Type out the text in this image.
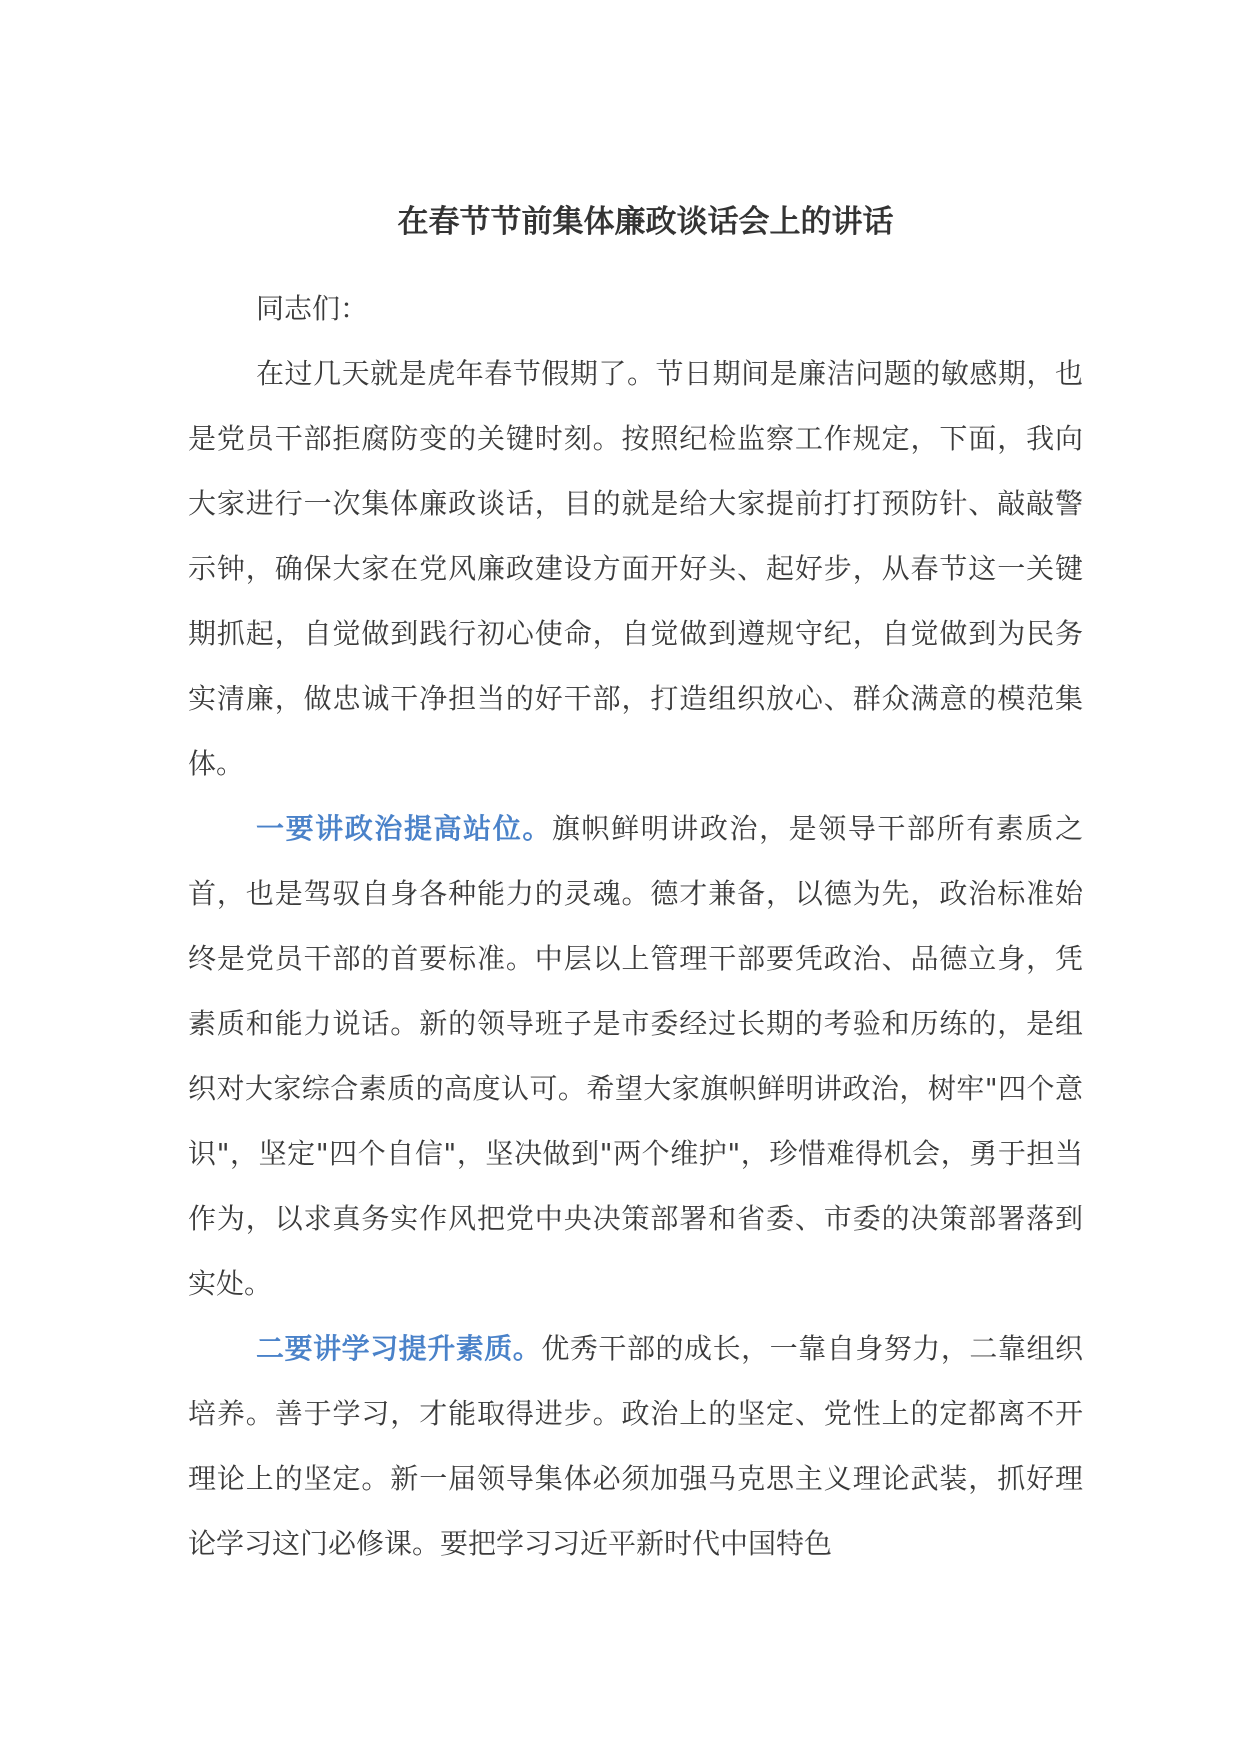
在春节节前集体廉政谈话会上的讲话

同志们：

在过几天就是虎年春节假期了。节日期间是廉洁问题的敏感期，也是党员干部拒腐防变的关键时刻。按照纪检监察工作规定，下面，我向大家进行一次集体廉政谈话，目的就是给大家提前打打预防针、敲敲警示钟，确保大家在党风廉政建设方面开好头、起好步，从春节这一关键期抓起，自觉做到践行初心使命，自觉做到遵规守纪，自觉做到为民务实清廉，做忠诚干净担当的好干部，打造组织放心、群众满意的模范集体。

一要讲政治提高站位。旗帜鲜明讲政治，是领导干部所有素质之首，也是驾驭自身各种能力的灵魂。德才兼备，以德为先，政治标准始终是党员干部的首要标准。中层以上管理干部要凭政治、品德立身，凭素质和能力说话。新的领导班子是市委经过长期的考验和历练的，是组织对大家综合素质的高度认可。希望大家旗帜鲜明讲政治，树牢"四个意识"，坚定"四个自信"，坚决做到"两个维护"，珍惜难得机会，勇于担当作为，以求真务实作风把党中央决策部署和省委、市委的决策部署落到实处。

二要讲学习提升素质。优秀干部的成长，一靠自身努力，二靠组织培养。善于学习，才能取得进步。政治上的坚定、党性上的定都离不开理论上的坚定。新一届领导集体必须加强马克思主义理论武装，抓好理论学习这门必修课。要把学习习近平新时代中国特色
